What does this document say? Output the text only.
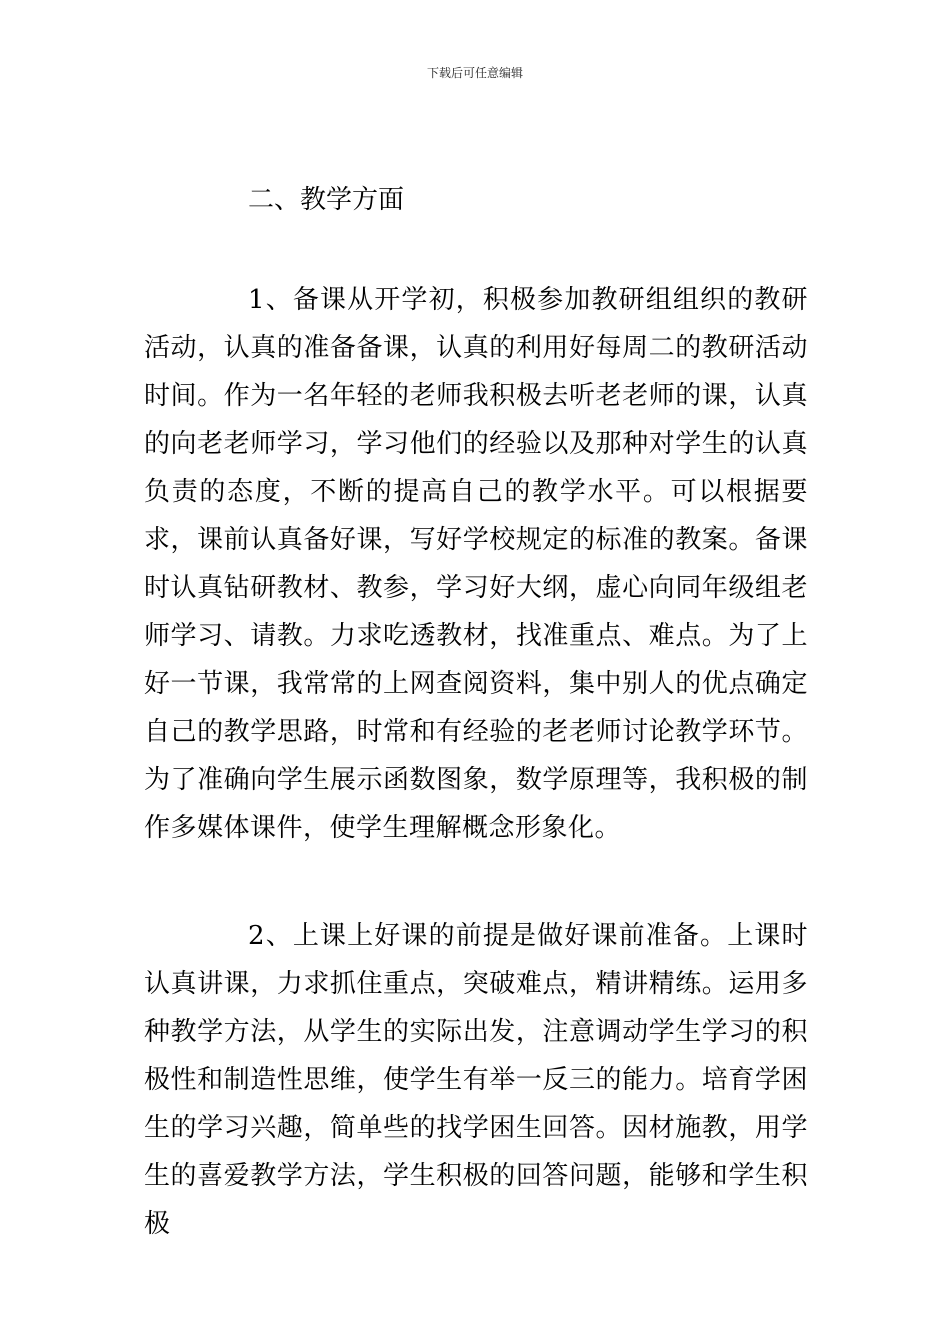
下载后可任意编辑
二、教学方面

1、备课从开学初，积极参加教研组组织的教研活动，认真的准备备课，认真的利用好每周二的教研活动时间。作为一名年轻的老师我积极去听老老师的课，认真的向老老师学习，学习他们的经验以及那种对学生的认真负责的态度，不断的提高自己的教学水平。可以根据要求，课前认真备好课，写好学校规定的标准的教案。备课时认真钻研教材、教参，学习好大纲，虚心向同年级组老师学习、请教。力求吃透教材，找准重点、难点。为了上好一节课，我常常的上网查阅资料，集中别人的优点确定自己的教学思路，时常和有经验的老老师讨论教学环节。为了准确向学生展示函数图象，数学原理等，我积极的制作多媒体课件，使学生理解概念形象化。

2、上课上好课的前提是做好课前准备。上课时认真讲课，力求抓住重点，突破难点，精讲精练。运用多种教学方法，从学生的实际出发，注意调动学生学习的积极性和制造性思维，使学生有举一反三的能力。培育学困生的学习兴趣，简单些的找学困生回答。因材施教，用学生的喜爱教学方法，学生积极的回答问题，能够和学生积极
